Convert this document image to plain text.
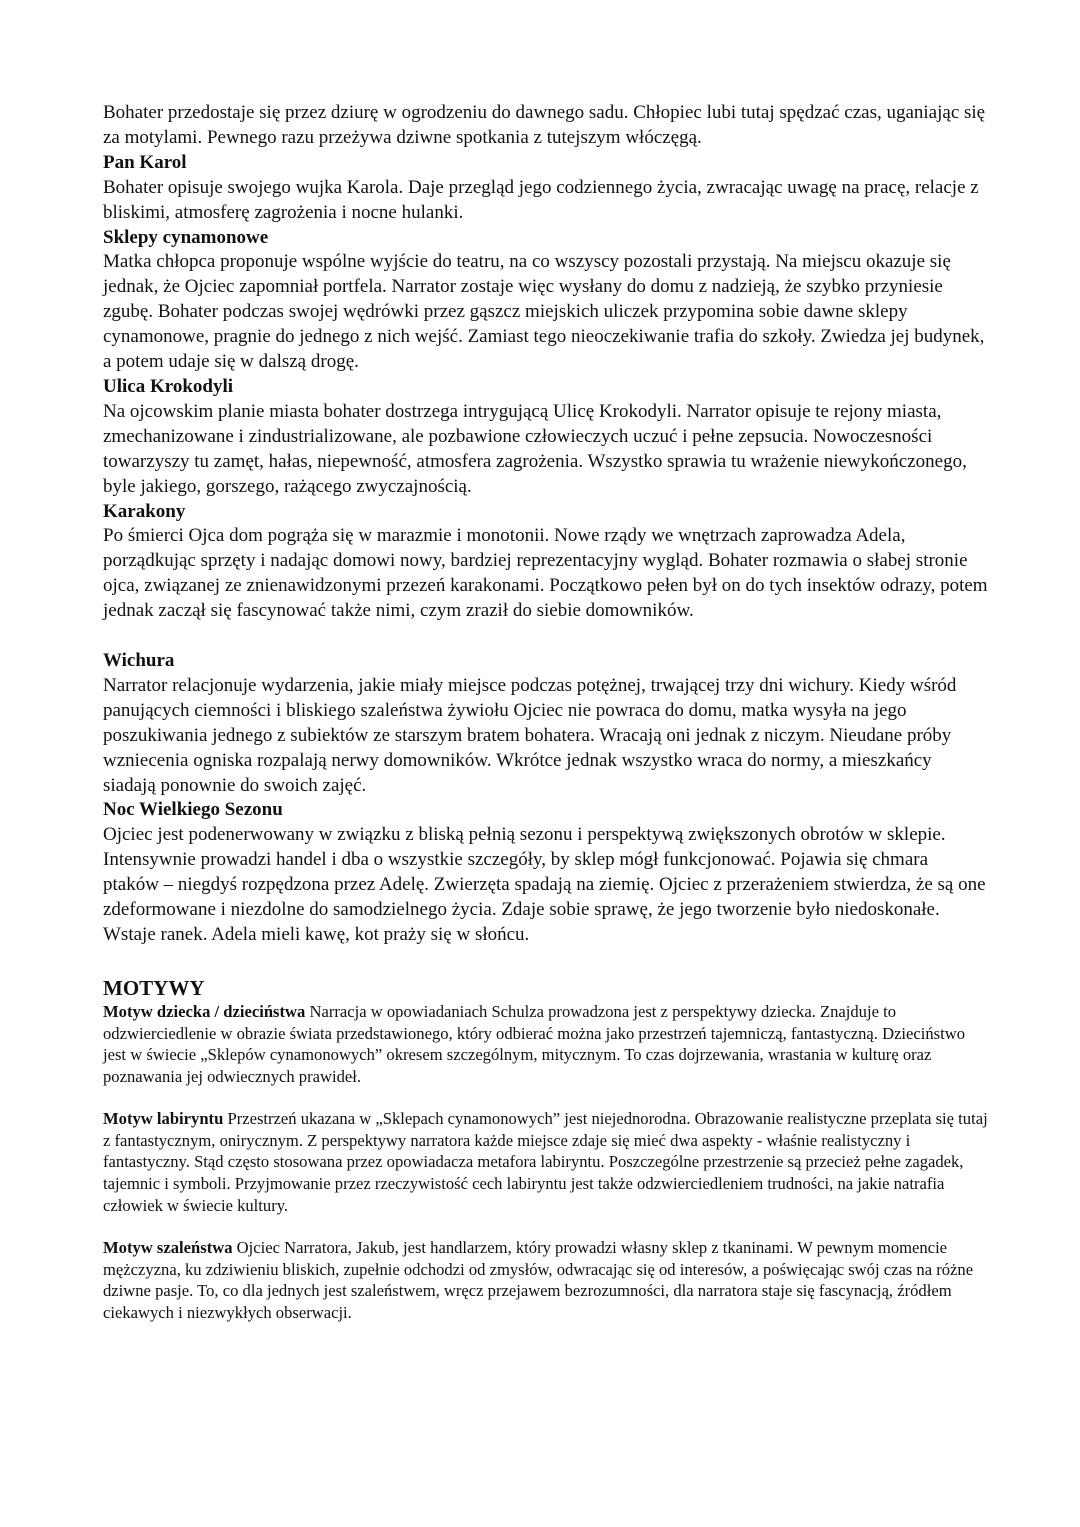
Bohater przedostaje się przez dziurę w ogrodzeniu do dawnego sadu. Chłopiec lubi tutaj spędzać czas, uganiając się za motylami. Pewnego razu przeżywa dziwne spotkania z tutejszym włóczęgą.

Pan Karol

Bohater opisuje swojego wujka Karola. Daje przegląd jego codziennego życia, zwracając uwagę na pracę, relacje z bliskimi, atmosferę zagrożenia i nocne hulanki.

Sklepy cynamonowe

Matka chłopca proponuje wspólne wyjście do teatru, na co wszyscy pozostali przystają. Na miejscu okazuje się jednak, że Ojciec zapomniał portfela. Narrator zostaje więc wysłany do domu z nadzieją, że szybko przyniesie zgubę. Bohater podczas swojej wędrówki przez gąszcz miejskich uliczek przypomina sobie dawne sklepy cynamonowe, pragnie do jednego z nich wejść. Zamiast tego nieoczekiwanie trafia do szkoły. Zwiedza jej budynek, a potem udaje się w dalszą drogę.

Ulica Krokodyli

Na ojcowskim planie miasta bohater dostrzega intrygującą Ulicę Krokodyli. Narrator opisuje te rejony miasta, zmechanizowane i zindustrializowane, ale pozbawione człowieczych uczuć i pełne zepsucia. Nowoczesności towarzyszy tu zamęt, hałas, niepewność, atmosfera zagrożenia. Wszystko sprawia tu wrażenie niewykończonego, byle jakiego, gorszego, rażącego zwyczajnością.

Karakony

Po śmierci Ojca dom pogrąża się w marazmie i monotonii. Nowe rządy we wnętrzach zaprowadza Adela, porządkując sprzęty i nadając domowi nowy, bardziej reprezentacyjny wygląd. Bohater rozmawia o słabej stronie ojca, związanej ze znienawidzonymi przezeń karakonami. Początkowo pełen był on do tych insektów odrazy, potem jednak zaczął się fascynować także nimi, czym zraził do siebie domowników.

Wichura

Narrator relacjonuje wydarzenia, jakie miały miejsce podczas potężnej, trwającej trzy dni wichury. Kiedy wśród panujących ciemności i bliskiego szaleństwa żywiołu Ojciec nie powraca do domu, matka wysyła na jego poszukiwania jednego z subiektów ze starszym bratem bohatera. Wracają oni jednak z niczym. Nieudane próby wzniecenia ogniska rozpalają nerwy domowników. Wkrótce jednak wszystko wraca do normy, a mieszkańcy siadają ponownie do swoich zajęć.

Noc Wielkiego Sezonu

Ojciec jest podenerwowany w związku z bliską pełnią sezonu i perspektywą zwiększonych obrotów w sklepie. Intensywnie prowadzi handel i dba o wszystkie szczegóły, by sklep mógł funkcjonować. Pojawia się chmara ptaków – niegdyś rozpędzona przez Adelę. Zwierzęta spadają na ziemię. Ojciec z przerażeniem stwierdza, że są one zdeformowane i niezdolne do samodzielnego życia. Zdaje sobie sprawę, że jego tworzenie było niedoskonałe. Wstaje ranek. Adela mieli kawę, kot praży się w słońcu.

MOTYWY

Motyw dziecka / dzieciństwa Narracja w opowiadaniach Schulza prowadzona jest z perspektywy dziecka. Znajduje to odzwierciedlenie w obrazie świata przedstawionego, który odbierać można jako przestrzeń tajemniczą, fantastyczną. Dzieciństwo jest w świecie „Sklepów cynamonowych” okresem szczególnym, mitycznym. To czas dojrzewania, wrastania w kulturę oraz poznawania jej odwiecznych prawideł.

Motyw labiryntu Przestrzeń ukazana w „Sklepach cynamonowych” jest niejednorodna. Obrazowanie realistyczne przeplata się tutaj z fantastycznym, onirycznym. Z perspektywy narratora każde miejsce zdaje się mieć dwa aspekty - właśnie realistyczny i fantastyczny. Stąd często stosowana przez opowiadacza metafora labiryntu. Poszczególne przestrzenie są przecież pełne zagadek, tajemnic i symboli. Przyjmowanie przez rzeczywistość cech labiryntu jest także odzwierciedleniem trudności, na jakie natrafia człowiek w świecie kultury.

Motyw szaleństwa Ojciec Narratora, Jakub, jest handlarzem, który prowadzi własny sklep z tkaninami. W pewnym momencie mężczyzna, ku zdziwieniu bliskich, zupełnie odchodzi od zmysłów, odwracając się od interesów, a poświęcając swój czas na różne dziwne pasje. To, co dla jednych jest szaleństwem, wręcz przejawem bezrozumności, dla narratora staje się fascynacją, źródłem ciekawych i niezwykłych obserwacji.
